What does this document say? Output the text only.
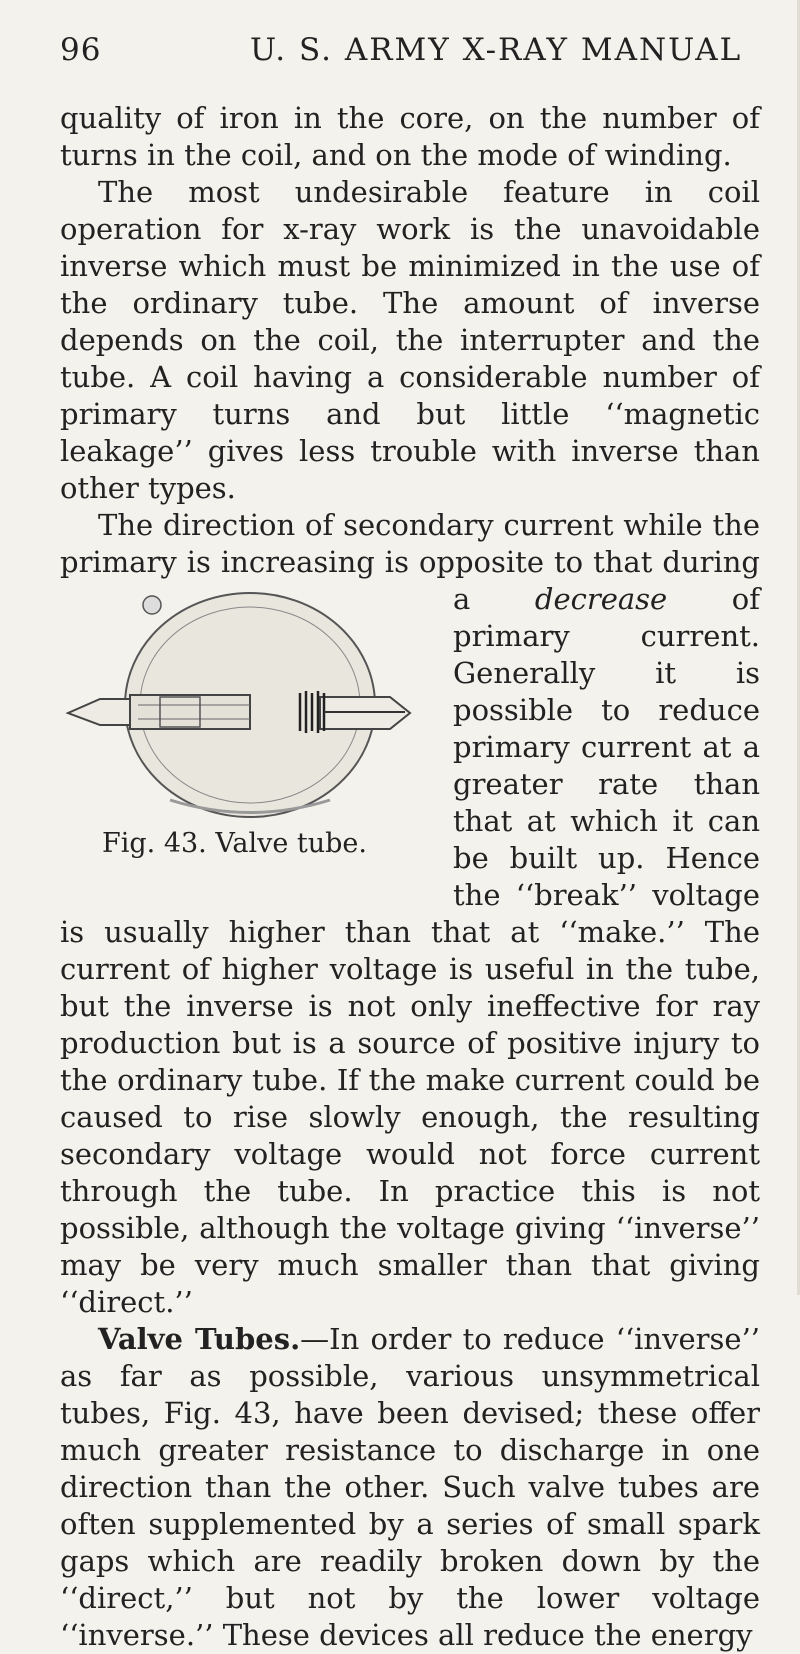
96	U. S. ARMY X-RAY MANUAL

quality of iron in the core, on the number of turns in the coil, and on the mode of winding.

The most undesirable feature in coil operation for x-ray work is the unavoidable inverse which must be minimized in the use of the ordinary tube. The amount of inverse depends on the coil, the interrupter and the tube. A coil having a considerable number of primary turns and but little ‘‘magnetic leakage’’ gives less trouble with inverse than other types.

The direction of secondary current while the primary is increasing is opposite to that during a decrease
Fig. 43. Valve tube.
of primary current. Generally it is possible to reduce primary current at a greater rate than that at which it can be built up. Hence the ‘‘break’’ voltage is usually higher than that at ‘‘make.’’ The current of higher voltage is useful in the tube, but the inverse is not only ineffective for ray production but is a source of positive injury to the ordinary tube. If the make current could be caused to rise slowly enough, the resulting secondary voltage would not force current through the tube. In practice this is not possible, although the voltage giving ‘‘inverse’’ may be very much smaller than that giving ‘‘direct.’’

Valve Tubes.—In order to reduce ‘‘inverse’’ as far as possible, various unsymmetrical tubes, Fig. 43, have been devised; these offer much greater resistance to discharge in one direction than the other. Such valve tubes are often supplemented by a series of small spark gaps which are readily broken down by the ‘‘direct,’’ but not by the lower voltage ‘‘inverse.’’ These devices all reduce the energy
